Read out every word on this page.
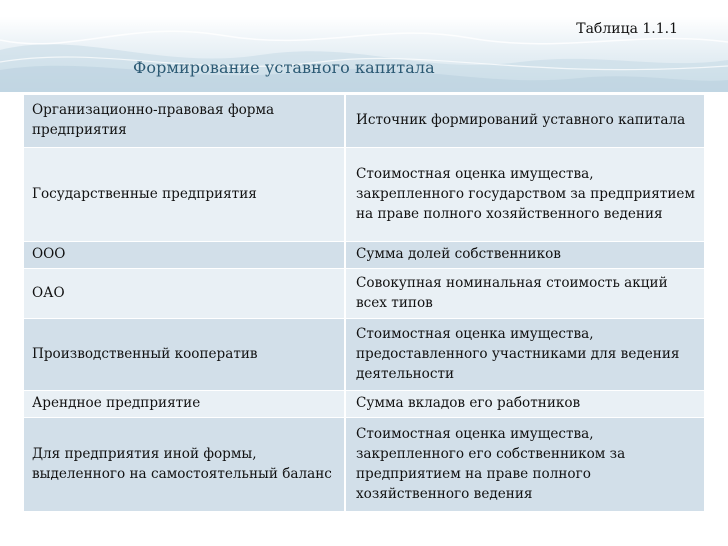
Таблица 1.1.1
Формирование уставного капитала
Организационно-правовая форма предприятия	Источник формирований уставного капитала
Государственные предприятия	Стоимостная оценка имущества, закрепленного государством за предприятием на праве полного хозяйственного ведения
ООО	Сумма долей собственников
ОАО	Совокупная номинальная стоимость акций всех типов
Производственный кооператив	Стоимостная оценка имущества, предоставленного участниками для ведения деятельности
Арендное предприятие	Сумма вкладов его работников
Для предприятия иной формы, выделенного на самостоятельный баланс	Стоимостная оценка имущества, закрепленного его собственником за предприятием на праве полного хозяйственного ведения
